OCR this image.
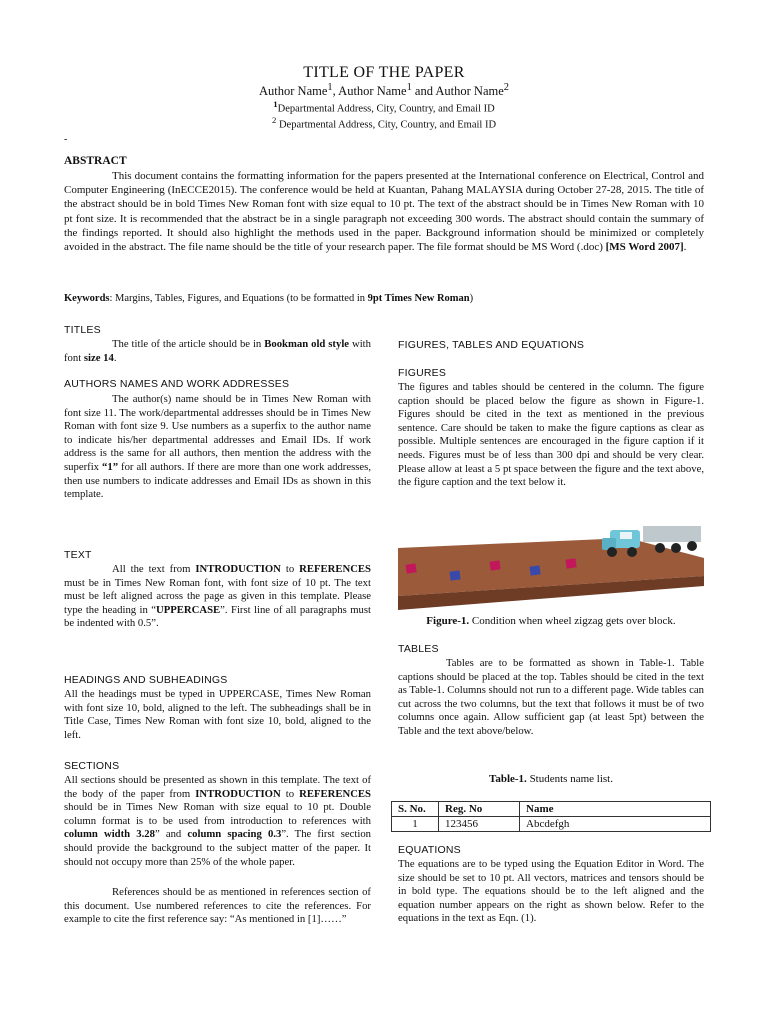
TITLE OF THE PAPER
Author Name$^1$, Author Name$^1$ and Author Name$^2$
$^1$Departmental Address, City, Country, and Email ID
$^2$ Departmental Address, City, Country, and Email ID
-
ABSTRACT

This document contains the formatting information for the papers presented at the International conference on Electrical, Control and Computer Engineering (InECCE2015). The conference would be held at Kuantan, Pahang MALAYSIA during October 27-28, 2015. The title of the abstract should be in bold Times New Roman font with size equal to 10 pt. The text of the abstract should be in Times New Roman with 10 pt font size. It is recommended that the abstract be in a single paragraph not exceeding 300 words. The abstract should contain the summary of the findings reported. It should also highlight the methods used in the paper. Background information should be minimized or completely avoided in the abstract. The file name should be the title of your research paper. The file format should be MS Word (.doc) [MS Word 2007].

Keywords: Margins, Tables, Figures, and Equations (to be formatted in 9pt Times New Roman)
TITLES

The title of the article should be in Bookman old style with font size 14.

AUTHORS NAMES AND WORK ADDRESSES

The author(s) name should be in Times New Roman with font size 11. The work/departmental addresses should be in Times New Roman with font size 9. Use numbers as a superfix to the author name to indicate his/her departmental addresses and Email IDs. If work address is the same for all authors, then mention the address with the superfix “1” for all authors. If there are more than one work addresses, then use numbers to indicate addresses and Email IDs as shown in this template.

TEXT

All the text from INTRODUCTION to REFERENCES must be in Times New Roman font, with font size of 10 pt. The text must be left aligned across the page as given in this template. Please type the heading in “UPPERCASE”. First line of all paragraphs must be indented with 0.5”.

HEADINGS AND SUBHEADINGS

All the headings must be typed in UPPERCASE, Times New Roman with font size 10, bold, aligned to the left. The subheadings shall be in Title Case, Times New Roman with font size 10, bold, aligned to the left.

SECTIONS

All sections should be presented as shown in this template. The text of the body of the paper from INTRODUCTION to REFERENCES should be in Times New Roman with size equal to 10 pt. Double column format is to be used from introduction to references with column width 3.28” and column spacing 0.3”. The first section should provide the background to the subject matter of the paper. It should not occupy more than 25% of the whole paper.

References should be as mentioned in references section of this document. Use numbered references to cite the references. For example to cite the first reference say: “As mentioned in [1]……”

FIGURES, TABLES AND EQUATIONS
FIGURES

The figures and tables should be centered in the column. The figure caption should be placed below the figure as shown in Figure-1. Figures should be cited in the text as mentioned in the previous sentence. Care should be taken to make the figure captions as clear as possible. Multiple sentences are encouraged in the figure caption if it needs. Figures must be of less than 300 dpi and should be very clear. Please allow at least a 5 pt space between the figure and the text above, the figure caption and the text below it.

Figure-1. Condition when wheel zigzag gets over block.
TABLES

Tables are to be formatted as shown in Table-1. Table captions should be placed at the top. Tables should be cited in the text as Table-1. Columns should not run to a different page. Wide tables can cut across the two columns, but the text that follows it must be of two columns once again. Allow sufficient gap (at least 5pt) between the Table and the text above/below.

Table-1. Students name list.
S. No.	Reg. No	Name
1	123456	Abcdefgh
EQUATIONS

The equations are to be typed using the Equation Editor in Word. The size should be set to 10 pt. All vectors, matrices and tensors should be in bold type. The equations should be to the left aligned and the equation number appears on the right as shown below. Refer to the equations in the text as Eqn. (1).
